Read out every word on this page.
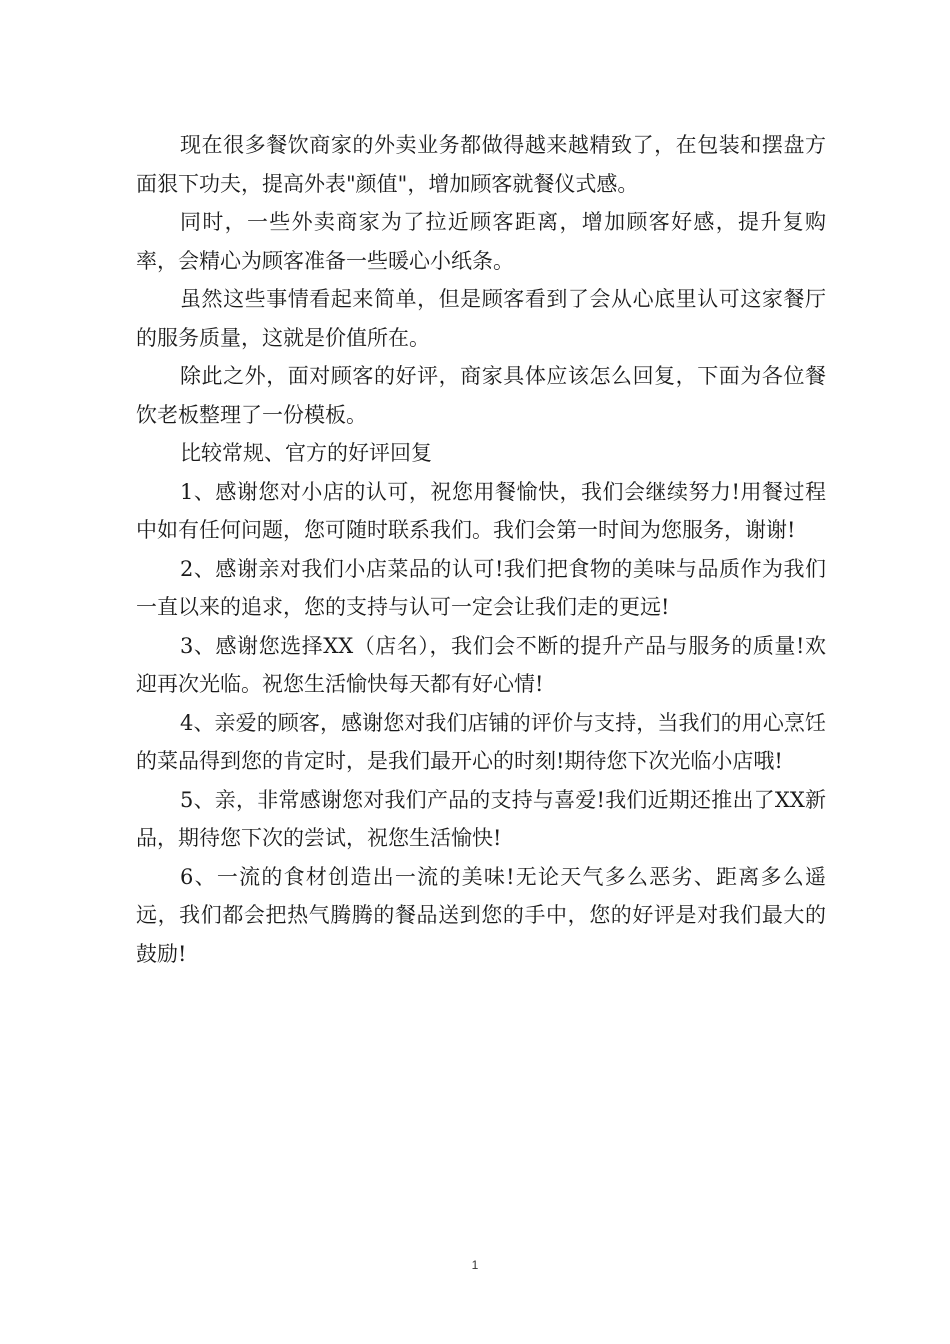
现在很多餐饮商家的外卖业务都做得越来越精致了，在包装和摆盘方面狠下功夫，提高外表"颜值"，增加顾客就餐仪式感。

同时，一些外卖商家为了拉近顾客距离，增加顾客好感，提升复购率，会精心为顾客准备一些暖心小纸条。

虽然这些事情看起来简单，但是顾客看到了会从心底里认可这家餐厅的服务质量，这就是价值所在。

除此之外，面对顾客的好评，商家具体应该怎么回复，下面为各位餐饮老板整理了一份模板。

比较常规、官方的好评回复

1、感谢您对小店的认可，祝您用餐愉快，我们会继续努力!用餐过程中如有任何问题，您可随时联系我们。我们会第一时间为您服务，谢谢!

2、感谢亲对我们小店菜品的认可!我们把食物的美味与品质作为我们一直以来的追求，您的支持与认可一定会让我们走的更远!

3、感谢您选择XX（店名），我们会不断的提升产品与服务的质量!欢迎再次光临。祝您生活愉快每天都有好心情!

4、亲爱的顾客，感谢您对我们店铺的评价与支持，当我们的用心烹饪的菜品得到您的肯定时，是我们最开心的时刻!期待您下次光临小店哦!

5、亲，非常感谢您对我们产品的支持与喜爱!我们近期还推出了XX新品，期待您下次的尝试，祝您生活愉快!

6、一流的食材创造出一流的美味!无论天气多么恶劣、距离多么遥远，我们都会把热气腾腾的餐品送到您的手中，您的好评是对我们最大的鼓励!

1
